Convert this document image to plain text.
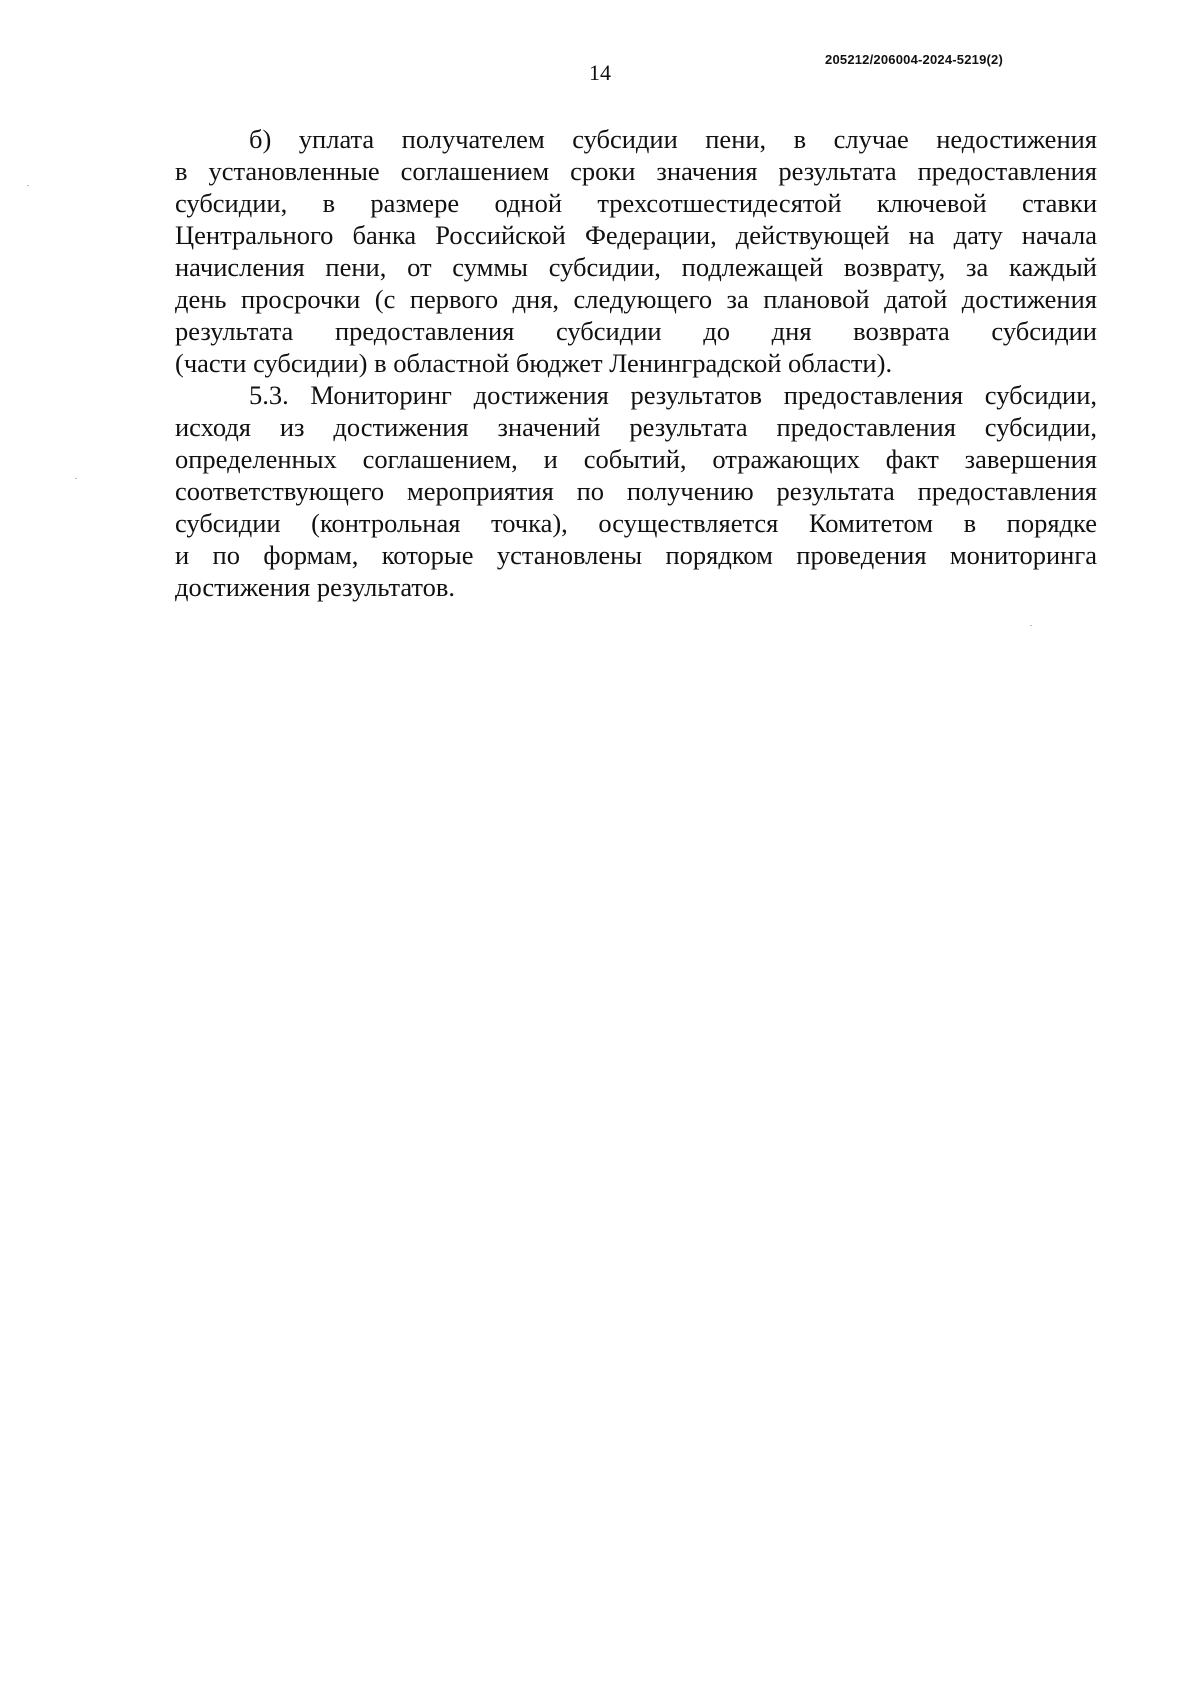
205212/206004-2024-5219(2)
14

б) уплата получателем субсидии пени, в случае недостижения
в установленные соглашением сроки значения результата предоставления
субсидии, в размере одной трехсотшестидесятой ключевой ставки
Центрального банка Российской Федерации, действующей на дату начала
начисления пени, от суммы субсидии, подлежащей возврату, за каждый
день просрочки (с первого дня, следующего за плановой датой достижения
результата предоставления субсидии до дня возврата субсидии
(части субсидии) в областной бюджет Ленинградской области).

5.3. Мониторинг достижения результатов предоставления субсидии,
исходя из достижения значений результата предоставления субсидии,
определенных соглашением, и событий, отражающих факт завершения
соответствующего мероприятия по получению результата предоставления
субсидии (контрольная точка), осуществляется Комитетом в порядке
и по формам, которые установлены порядком проведения мониторинга
достижения результатов.
